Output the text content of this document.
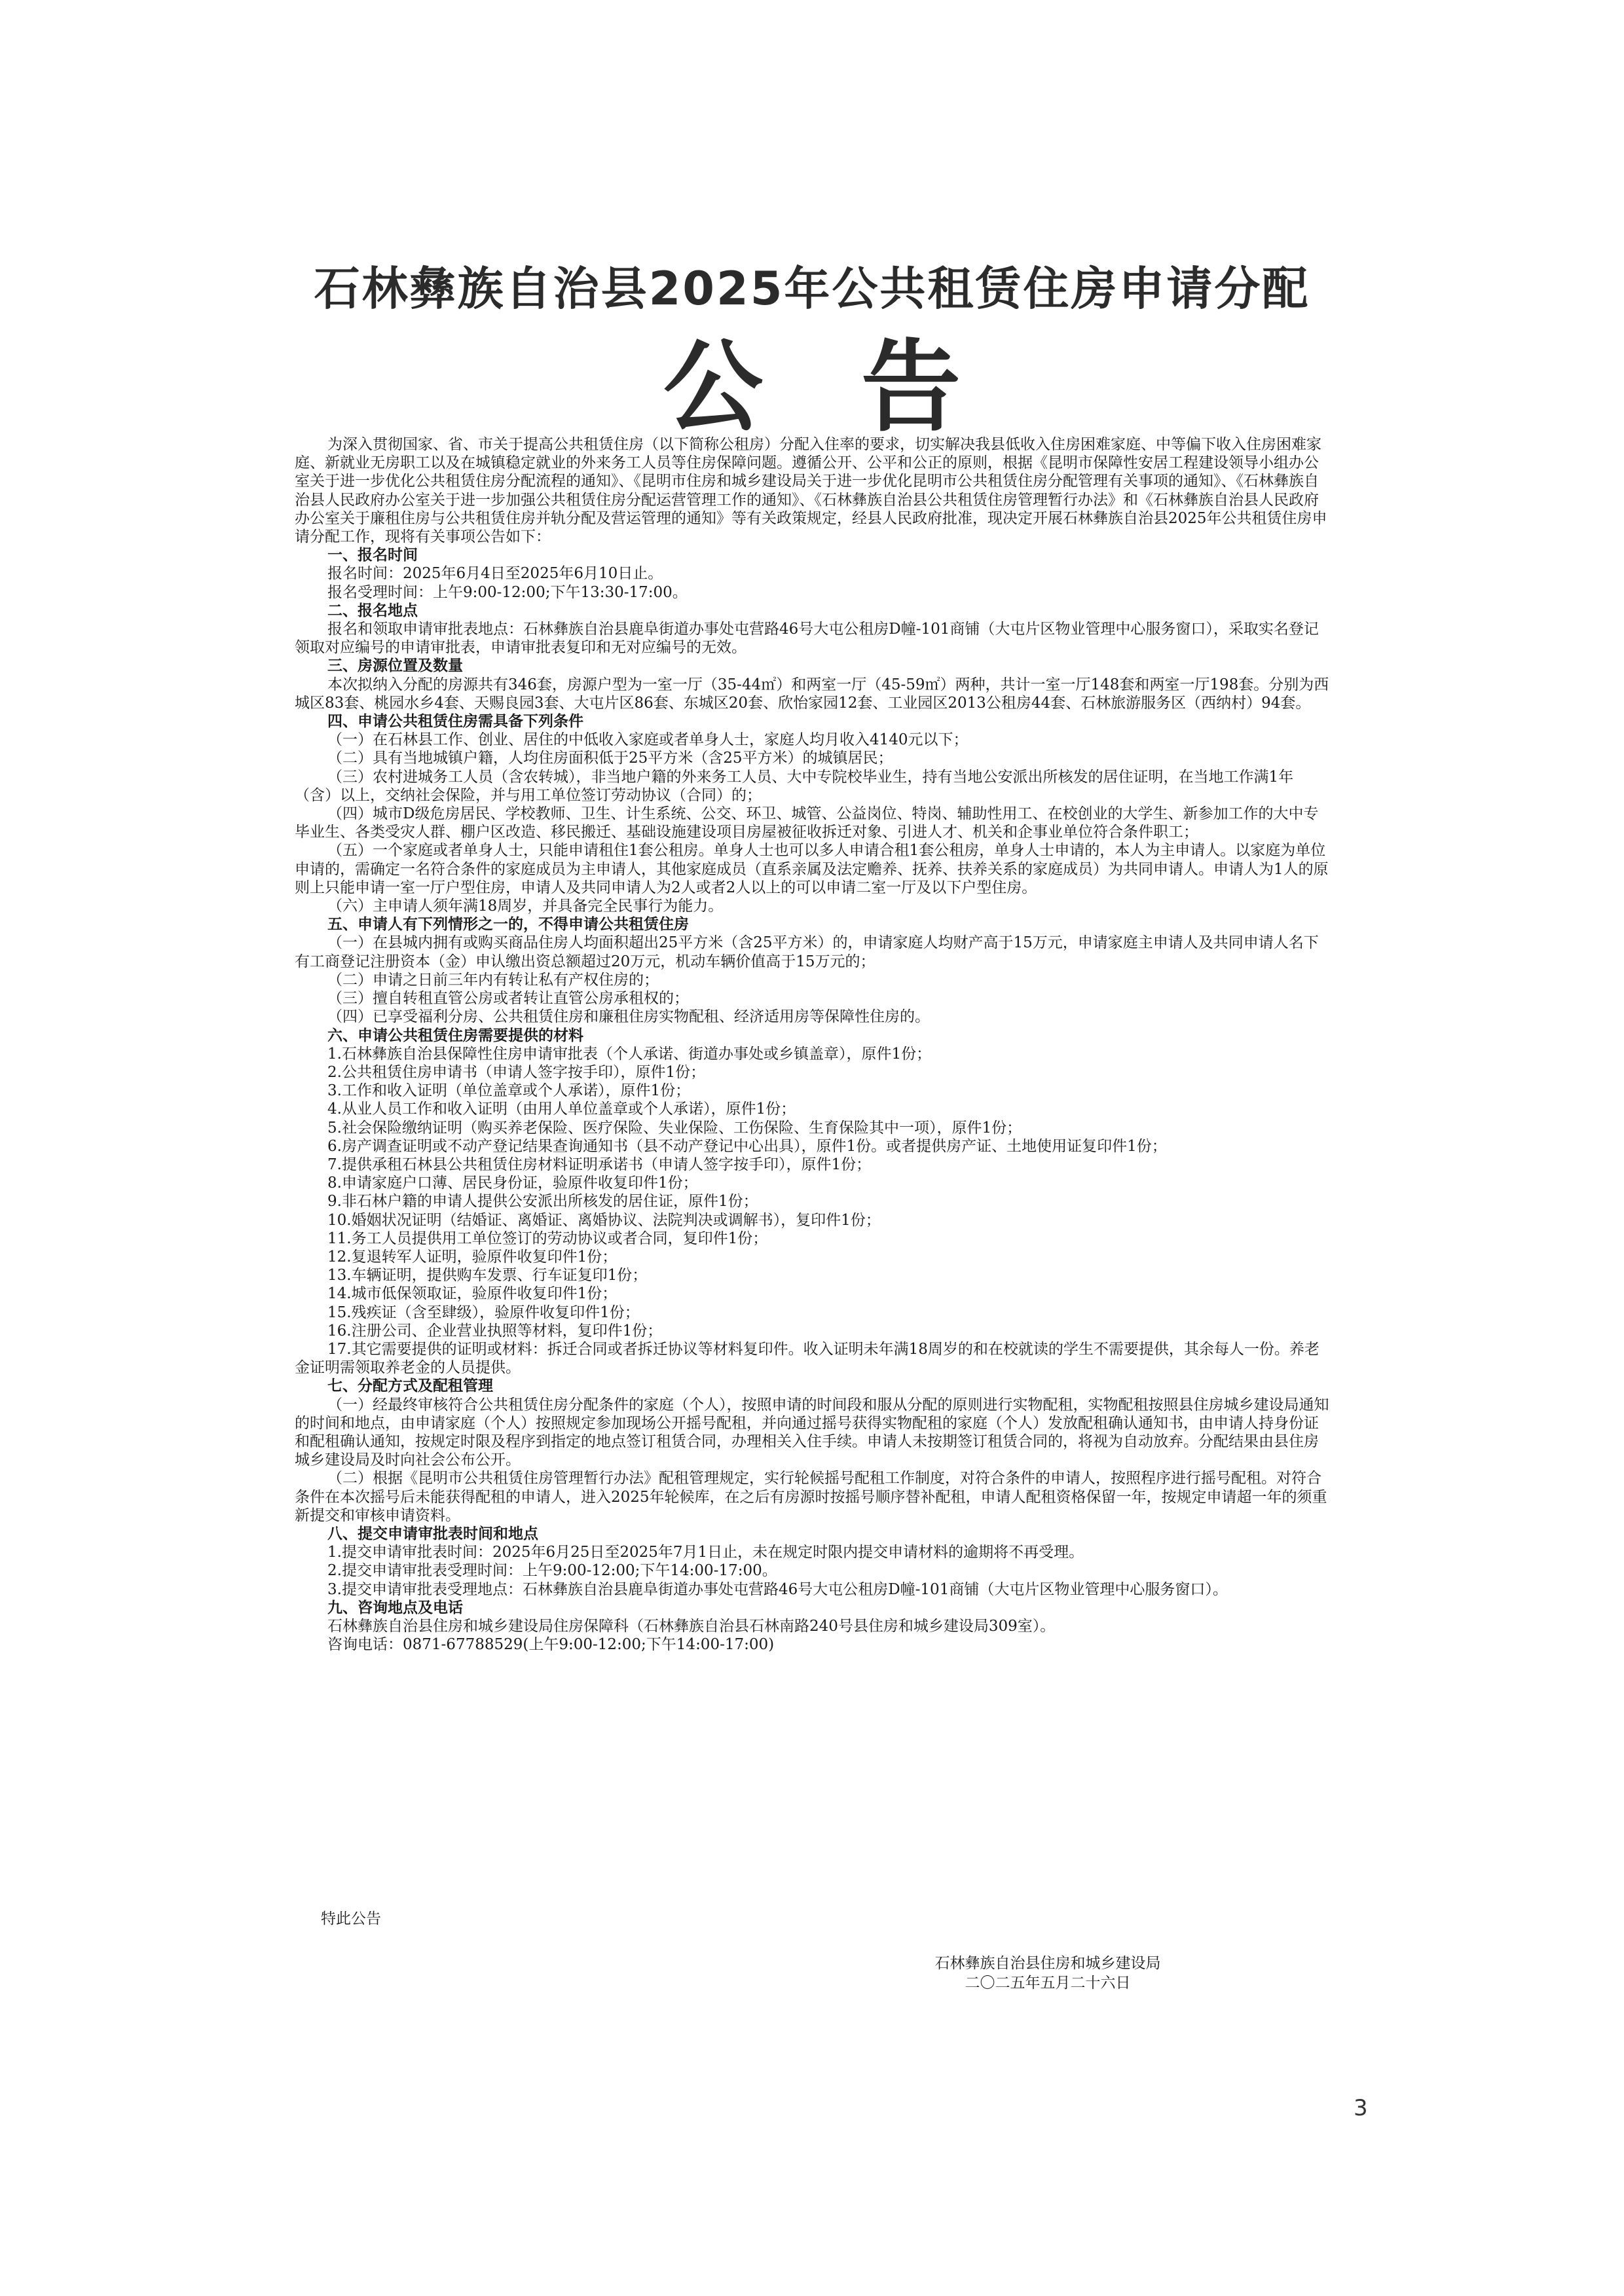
石林彝族自治县2025年公共租赁住房申请分配
公告

为深入贯彻国家、省、市关于提高公共租赁住房（以下简称公租房）分配入住率的要求，切实解决我县低收入住房困难家庭、中等偏下收入住房困难家庭、新就业无房职工以及在城镇稳定就业的外来务工人员等住房保障问题。遵循公开、公平和公正的原则，根据《昆明市保障性安居工程建设领导小组办公室关于进一步优化公共租赁住房分配流程的通知》、《昆明市住房和城乡建设局关于进一步优化昆明市公共租赁住房分配管理有关事项的通知》、《石林彝族自治县人民政府办公室关于进一步加强公共租赁住房分配运营管理工作的通知》、《石林彝族自治县公共租赁住房管理暂行办法》和《石林彝族自治县人民政府办公室关于廉租住房与公共租赁住房并轨分配及营运管理的通知》等有关政策规定，经县人民政府批准，现决定开展石林彝族自治县2025年公共租赁住房申请分配工作，现将有关事项公告如下：

一、报名时间

报名时间：2025年6月4日至2025年6月10日止。

报名受理时间：上午9:00-12:00;下午13:30-17:00。

二、报名地点

报名和领取申请审批表地点：石林彝族自治县鹿阜街道办事处屯营路46号大屯公租房D幢-101商铺（大屯片区物业管理中心服务窗口），采取实名登记领取对应编号的申请审批表，申请审批表复印和无对应编号的无效。

三、房源位置及数量

本次拟纳入分配的房源共有346套，房源户型为一室一厅（35-44㎡）和两室一厅（45-59㎡）两种，共计一室一厅148套和两室一厅198套。分别为西城区83套、桃园水乡4套、天赐良园3套、大屯片区86套、东城区20套、欣怡家园12套、工业园区2013公租房44套、石林旅游服务区（西纳村）94套。

四、申请公共租赁住房需具备下列条件

（一）在石林县工作、创业、居住的中低收入家庭或者单身人士，家庭人均月收入4140元以下；

（二）具有当地城镇户籍，人均住房面积低于25平方米（含25平方米）的城镇居民；

（三）农村进城务工人员（含农转城），非当地户籍的外来务工人员、大中专院校毕业生，持有当地公安派出所核发的居住证明，在当地工作满1年（含）以上，交纳社会保险，并与用工单位签订劳动协议（合同）的；

（四）城市D级危房居民、学校教师、卫生、计生系统、公交、环卫、城管、公益岗位、特岗、辅助性用工、在校创业的大学生、新参加工作的大中专毕业生、各类受灾人群、棚户区改造、移民搬迁、基础设施建设项目房屋被征收拆迁对象、引进人才、机关和企事业单位符合条件职工；

（五）一个家庭或者单身人士，只能申请租住1套公租房。单身人士也可以多人申请合租1套公租房，单身人士申请的，本人为主申请人。以家庭为单位申请的，需确定一名符合条件的家庭成员为主申请人，其他家庭成员（直系亲属及法定赡养、抚养、扶养关系的家庭成员）为共同申请人。申请人为1人的原则上只能申请一室一厅户型住房，申请人及共同申请人为2人或者2人以上的可以申请二室一厅及以下户型住房。

（六）主申请人须年满18周岁，并具备完全民事行为能力。

五、申请人有下列情形之一的，不得申请公共租赁住房

（一）在县城内拥有或购买商品住房人均面积超出25平方米（含25平方米）的，申请家庭人均财产高于15万元，申请家庭主申请人及共同申请人名下有工商登记注册资本（金）申认缴出资总额超过20万元，机动车辆价值高于15万元的；

（二）申请之日前三年内有转让私有产权住房的；

（三）擅自转租直管公房或者转让直管公房承租权的；

（四）已享受福利分房、公共租赁住房和廉租住房实物配租、经济适用房等保障性住房的。

六、申请公共租赁住房需要提供的材料

1.石林彝族自治县保障性住房申请审批表（个人承诺、街道办事处或乡镇盖章），原件1份；

2.公共租赁住房申请书（申请人签字按手印），原件1份；

3.工作和收入证明（单位盖章或个人承诺），原件1份；

4.从业人员工作和收入证明（由用人单位盖章或个人承诺），原件1份；

5.社会保险缴纳证明（购买养老保险、医疗保险、失业保险、工伤保险、生育保险其中一项），原件1份；

6.房产调查证明或不动产登记结果查询通知书（县不动产登记中心出具），原件1份。或者提供房产证、土地使用证复印件1份；

7.提供承租石林县公共租赁住房材料证明承诺书（申请人签字按手印），原件1份；

8.申请家庭户口薄、居民身份证，验原件收复印件1份；

9.非石林户籍的申请人提供公安派出所核发的居住证，原件1份；

10.婚姻状况证明（结婚证、离婚证、离婚协议、法院判决或调解书），复印件1份；

11.务工人员提供用工单位签订的劳动协议或者合同，复印件1份；

12.复退转军人证明，验原件收复印件1份；

13.车辆证明，提供购车发票、行车证复印1份；

14.城市低保领取证，验原件收复印件1份；

15.残疾证（含至肆级），验原件收复印件1份；

16.注册公司、企业营业执照等材料，复印件1份；

17.其它需要提供的证明或材料：拆迁合同或者拆迁协议等材料复印件。收入证明未年满18周岁的和在校就读的学生不需要提供，其余每人一份。养老金证明需领取养老金的人员提供。

七、分配方式及配租管理

（一）经最终审核符合公共租赁住房分配条件的家庭（个人），按照申请的时间段和服从分配的原则进行实物配租，实物配租按照县住房城乡建设局通知的时间和地点，由申请家庭（个人）按照规定参加现场公开摇号配租，并向通过摇号获得实物配租的家庭（个人）发放配租确认通知书，由申请人持身份证和配租确认通知，按规定时限及程序到指定的地点签订租赁合同，办理相关入住手续。申请人未按期签订租赁合同的，将视为自动放弃。分配结果由县住房城乡建设局及时向社会公布公开。

（二）根据《昆明市公共租赁住房管理暂行办法》配租管理规定，实行轮候摇号配租工作制度，对符合条件的申请人，按照程序进行摇号配租。对符合条件在本次摇号后未能获得配租的申请人，进入2025年轮候库，在之后有房源时按摇号顺序替补配租，申请人配租资格保留一年，按规定申请超一年的须重新提交和审核申请资料。

八、提交申请审批表时间和地点

1.提交申请审批表时间：2025年6月25日至2025年7月1日止，未在规定时限内提交申请材料的逾期将不再受理。

2.提交申请审批表受理时间：上午9:00-12:00;下午14:00-17:00。

3.提交申请审批表受理地点：石林彝族自治县鹿阜街道办事处屯营路46号大屯公租房D幢-101商铺（大屯片区物业管理中心服务窗口）。

九、咨询地点及电话

石林彝族自治县住房和城乡建设局住房保障科（石林彝族自治县石林南路240号县住房和城乡建设局309室）。

咨询电话：0871-67788529(上午9:00-12:00;下午14:00-17:00)

特此公告
石林彝族自治县住房和城乡建设局
二〇二五年五月二十六日
3
